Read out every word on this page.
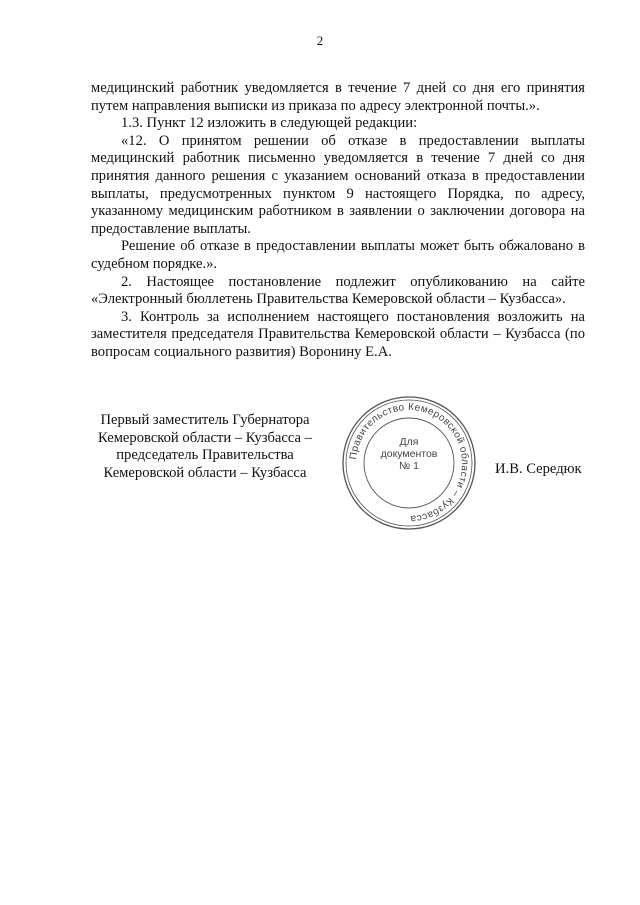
2

медицинский работник уведомляется в течение 7 дней со дня его принятия путем направления выписки из приказа по адресу электронной почты.».

1.3. Пункт 12 изложить в следующей редакции:

«12. О принятом решении об отказе в предоставлении выплаты медицинский работник письменно уведомляется в течение 7 дней со дня принятия данного решения с указанием оснований отказа в предоставлении выплаты, предусмотренных пунктом 9 настоящего Порядка, по адресу, указанному медицинским работником в заявлении о заключении договора на предоставление выплаты.

Решение об отказе в предоставлении выплаты может быть обжаловано в судебном порядке.».

2. Настоящее постановление подлежит опубликованию на сайте «Электронный бюллетень Правительства Кемеровской области – Кузбасса».

3. Контроль за исполнением настоящего постановления возложить на заместителя председателя Правительства Кемеровской области – Кузбасса (по вопросам социального развития) Воронину Е.А.

Первый заместитель Губернатора
Кемеровской области – Кузбасса –
председатель Правительства
Кемеровской области – Кузбасса
Правительство Кемеровской области – Кузбасса
Для
документов
№ 1	И.В. Середюк
